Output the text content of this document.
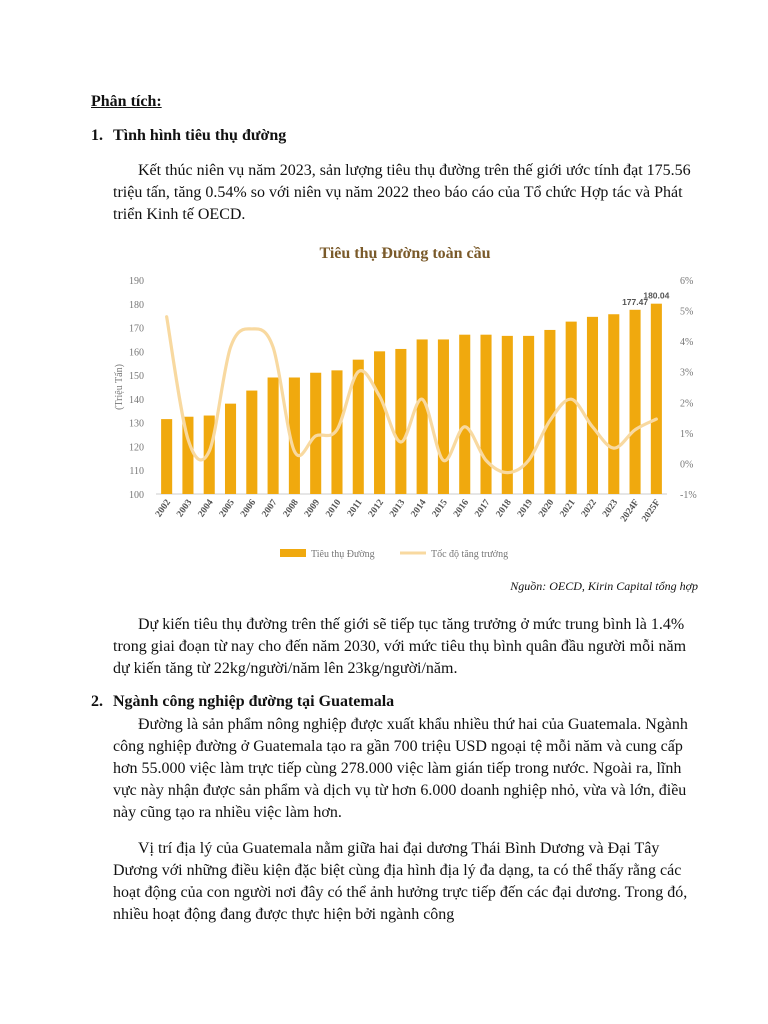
Phân tích:
1. Tình hình tiêu thụ đường

Kết thúc niên vụ năm 2023, sản lượng tiêu thụ đường trên thế giới ước tính đạt 175.56 triệu tấn, tăng 0.54% so với niên vụ năm 2022 theo báo cáo của Tổ chức Hợp tác và Phát triển Kinh tế OECD.

Tiêu thụ Đường toàn cầu
100
110
120
130
140
150
160
170
180
190
-1%
0%
1%
2%
3%
4%
5%
6%
(Triệu Tấn)
177.47
180.04
2002 2003 2004 2005 2006 2007 2008 2009 2010 2011 2012 2013 2014 2015 2016 2017 2018 2019 2020 2021 2022 2023
2024F
2025F
Tiêu thụ Đường	Tốc độ tăng trưởng
Nguồn: OECD, Kirin Capital tổng hợp

Dự kiến tiêu thụ đường trên thế giới sẽ tiếp tục tăng trưởng ở mức trung bình là 1.4% trong giai đoạn từ nay cho đến năm 2030, với mức tiêu thụ bình quân đầu người mỗi năm dự kiến tăng từ 22kg/người/năm lên 23kg/người/năm.

2. Ngành công nghiệp đường tại Guatemala

Đường là sản phẩm nông nghiệp được xuất khẩu nhiều thứ hai của Guatemala. Ngành công nghiệp đường ở Guatemala tạo ra gần 700 triệu USD ngoại tệ mỗi năm và cung cấp hơn 55.000 việc làm trực tiếp cùng 278.000 việc làm gián tiếp trong nước. Ngoài ra, lĩnh vực này nhận được sản phẩm và dịch vụ từ hơn 6.000 doanh nghiệp nhỏ, vừa và lớn, điều này cũng tạo ra nhiều việc làm hơn.

Vị trí địa lý của Guatemala nằm giữa hai đại dương Thái Bình Dương và Đại Tây Dương với những điều kiện đặc biệt cùng địa hình địa lý đa dạng, ta có thể thấy rằng các hoạt động của con người nơi đây có thể ảnh hưởng trực tiếp đến các đại dương. Trong đó, nhiều hoạt động đang được thực hiện bởi ngành công
